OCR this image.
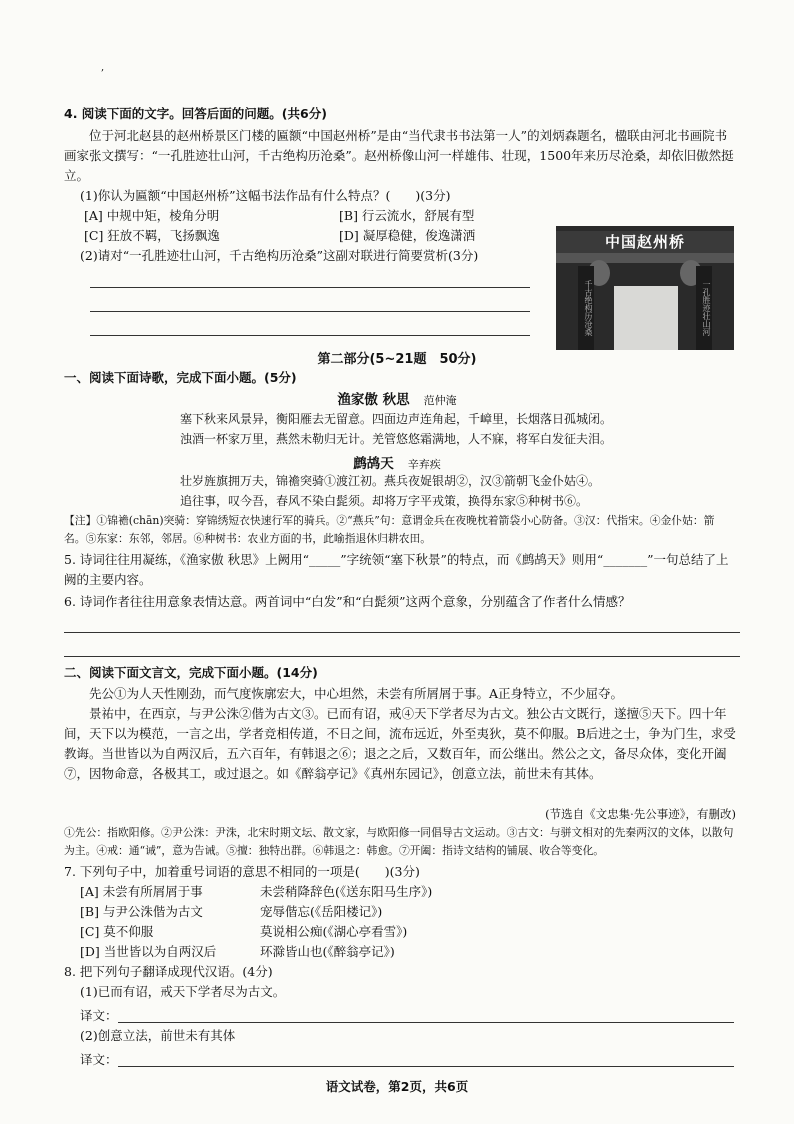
,
4. 阅读下面的文字。回答后面的问题。(共6分)

位于河北赵县的赵州桥景区门楼的匾额“中国赵州桥”是由“当代隶书书法第一人”的刘炳森题名，楹联由河北书画院书画家张文撰写：“一孔胜迹壮山河，千古绝构历沧桑”。赵州桥像山河一样雄伟、壮现，1500年来历尽沧桑，却依旧傲然挺立。

(1)你认为匾额“中国赵州桥”这幅书法作品有什么特点？(　　)(3分)
[A] 中规中矩，棱角分明	[B] 行云流水，舒展有型
[C] 狂放不羁，飞扬飘逸	[D] 凝厚稳健，俊逸潇洒
(2)请对“一孔胜迹壮山河，千古绝构历沧桑”这副对联进行简要赏析(3分)
中国赵州桥
千古绝构历沧桑	一孔胜迹壮山河
第二部分(5~21题　50分)
一、阅读下面诗歌，完成下面小题。(5分)
渔家傲 秋思 范仲淹
塞下秋来风景异，衡阳雁去无留意。四面边声连角起，千嶂里，长烟落日孤城闭。
浊酒一杯家万里，燕然未勒归无计。羌管悠悠霜满地，人不寐，将军白发征夫泪。
鹧鸪天 辛弃疾
壮岁旌旗拥万夫，锦襜突骑①渡江初。燕兵夜娖银胡②，汉③箭朝飞金仆姑④。
追往事，叹今吾，春风不染白髭须。却将万字平戎策，换得东家⑤种树书⑥。
【注】①锦襜(chān)突骑：穿锦绣短衣快速行军的骑兵。②“燕兵”句：意谓金兵在夜晚枕着箭袋小心防备。③汉：代指宋。④金仆姑：箭名。⑤东家：东邻，邻居。⑥种树书：农业方面的书，此喻指退休归耕农田。
5. 诗词往往用凝练，《渔家傲 秋思》上阙用“_____”字统领“塞下秋景”的特点，而《鹧鸪天》则用“_______”一句总结了上阙的主要内容。
6. 诗词作者往往用意象表情达意。两首词中“白发”和“白髭须”这两个意象，分别蕴含了作者什么情感？
二、阅读下面文言文，完成下面小题。(14分)

先公①为人天性刚劲，而气度恢廓宏大，中心坦然，未尝有所屑屑于事。A正身特立，不少屈夺。

景祐中，在西京，与尹公洙②偕为古文③。已而有诏，戒④天下学者尽为古文。独公古文既行，遂擅⑤天下。四十年间，天下以为模范，一言之出，学者竞相传道，不日之间，流布远近，外至夷狄，莫不仰服。B后进之士，争为门生，求受教诲。当世皆以为自两汉后，五六百年，有韩退之⑥；退之之后，又数百年，而公继出。然公之文，备尽众体，变化开阖⑦，因物命意，各极其工，或过退之。如《醉翁亭记》《真州东园记》，创意立法，前世未有其体。

(节选自《文忠集·先公事迹》，有删改)
①先公：指欧阳修。②尹公洙：尹洙，北宋时期文坛、散文家，与欧阳修一同倡导古文运动。③古文：与骈文相对的先秦两汉的文体，以散句为主。④戒：通“诫”，意为告诫。⑤擅：独特出群。⑥韩退之：韩愈。⑦开阖：指诗文结构的铺展、收合等变化。
7. 下列句子中，加着重号词语的意思不相同的一项是(　　)(3分)
[A] 未尝有所屑屑于事	未尝稍降辞色(《送东阳马生序》)
[B] 与尹公洙偕为古文	宠辱偕忘(《岳阳楼记》)
[C] 莫不仰服	莫说相公痴(《湖心亭看雪》)
[D] 当世皆以为自两汉后	环滁皆山也(《醉翁亭记》)
8. 把下列句子翻译成现代汉语。(4分)
(1)已而有诏，戒天下学者尽为古文。
译文：
(2)创意立法，前世未有其体
译文：
语文试卷，第2页，共6页
